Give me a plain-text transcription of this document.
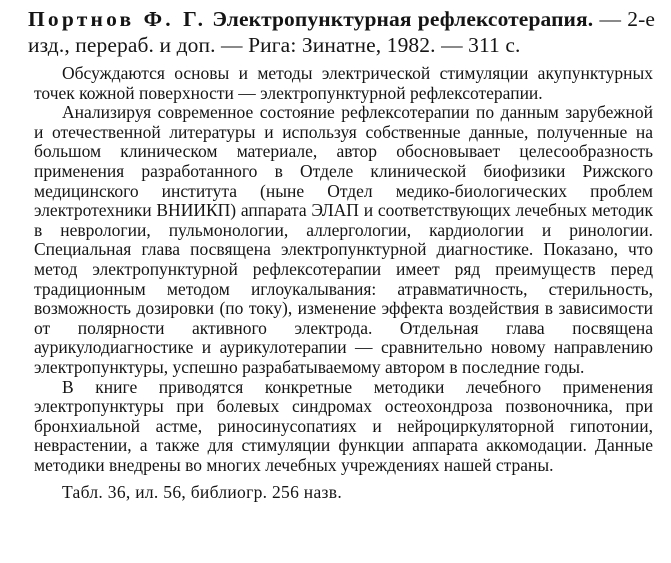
Портнов Ф. Г. Электропунктурная рефлексотерапия. — 2-е изд., перераб. и доп. — Рига: Зинатне, 1982. — 311 с.

Обсуждаются основы и методы электрической стимуляции акупунктурных точек кожной поверхности — электропунктурной рефлексотерапии.

Анализируя современное состояние рефлексотерапии по данным зарубежной и отечественной литературы и используя собственные данные, полученные на большом клиническом материале, автор обосновывает целесообразность применения разработанного в Отделе клинической биофизики Рижского медицинского института (ныне Отдел медико-биологических проблем электротехники ВНИИКП) аппарата ЭЛАП и соответствующих лечебных методик в неврологии, пульмонологии, аллергологии, кардиологии и ринологии. Специальная глава посвящена электропунктурной диагностике. Показано, что метод электропунктурной рефлексотерапии имеет ряд преимуществ перед традиционным методом иглоукалывания: атравматичность, стерильность, возможность дозировки (по току), изменение эффекта воздействия в зависимости от полярности активного электрода. Отдельная глава посвящена аурикулодиагностике и аурикулотерапии — сравнительно новому направлению электропунктуры, успешно разрабатываемому автором в последние годы.

В книге приводятся конкретные методики лечебного применения электропунктуры при болевых синдромах остеохондроза позвоночника, при бронхиальной астме, риносинусопатиях и нейроциркуляторной гипотонии, неврастении, а также для стимуляции функции аппарата аккомодации. Данные методики внедрены во многих лечебных учреждениях нашей страны.

Табл. 36, ил. 56, библиогр. 256 назв.
